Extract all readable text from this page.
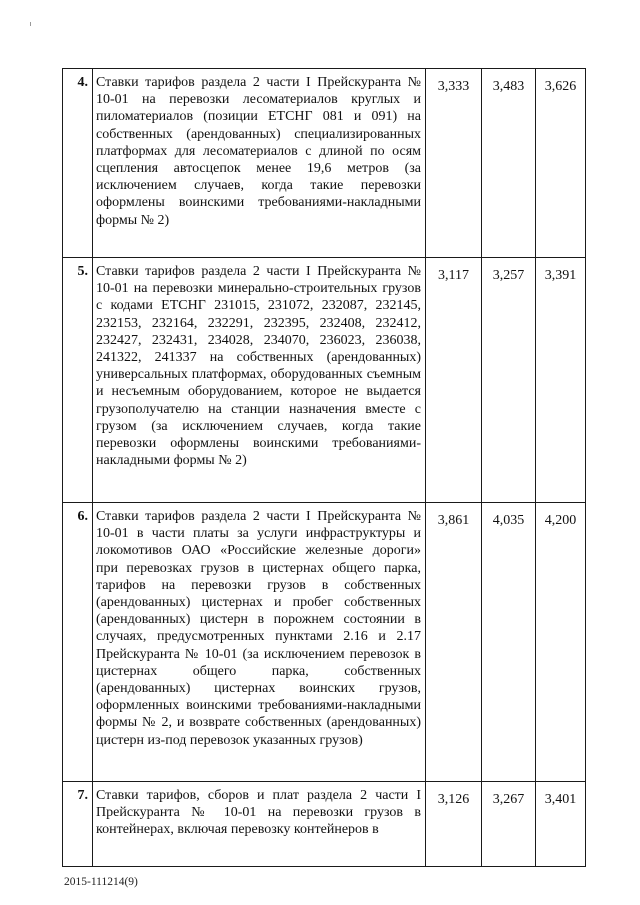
4.	Ставки тарифов раздела 2 части I Прейскуранта № 10-01 на перевозки лесоматериалов круглых и пиломатериалов (позиции ЕТСНГ 081 и 091) на собственных (арендованных) специализированных платформах для лесоматериалов с длиной по осям сцепления автосцепок менее 19,6 метров (за исключением случаев, когда такие перевозки оформлены воинскими требованиями-накладными формы № 2)	3,333	3,483	3,626
5.	Ставки тарифов раздела 2 части I Прейскуранта № 10-01 на перевозки минерально-строительных грузов с кодами ЕТСНГ 231015, 231072, 232087, 232145, 232153, 232164, 232291, 232395, 232408, 232412, 232427, 232431, 234028, 234070, 236023, 236038, 241322, 241337 на собственных (арендованных) универсальных платформах, оборудованных съемным и несъемным оборудованием, которое не выдается грузополучателю на станции назначения вместе с грузом (за исключением случаев, когда такие перевозки оформлены воинскими требованиями-накладными формы № 2)	3,117	3,257	3,391
6.	Ставки тарифов раздела 2 части I Прейскуранта № 10-01 в части платы за услуги инфраструктуры и локомотивов ОАО «Российские железные дороги» при перевозках грузов в цистернах общего парка, тарифов на перевозки грузов в собственных (арендованных) цистернах и пробег собственных (арендованных) цистерн в порожнем состоянии в случаях, предусмотренных пунктами 2.16 и 2.17 Прейскуранта № 10-01 (за исключением перевозок в цистернах общего парка, собственных (арендованных) цистернах воинских грузов, оформленных воинскими требованиями-накладными формы № 2, и возврате собственных (арендованных) цистерн из-под перевозок указанных грузов)	3,861	4,035	4,200
7.	Ставки тарифов, сборов и плат раздела 2 части I Прейскуранта № 10-01 на перевозки грузов в контейнерах, включая перевозку контейнеров в	3,126	3,267	3,401
2015-111214(9)
